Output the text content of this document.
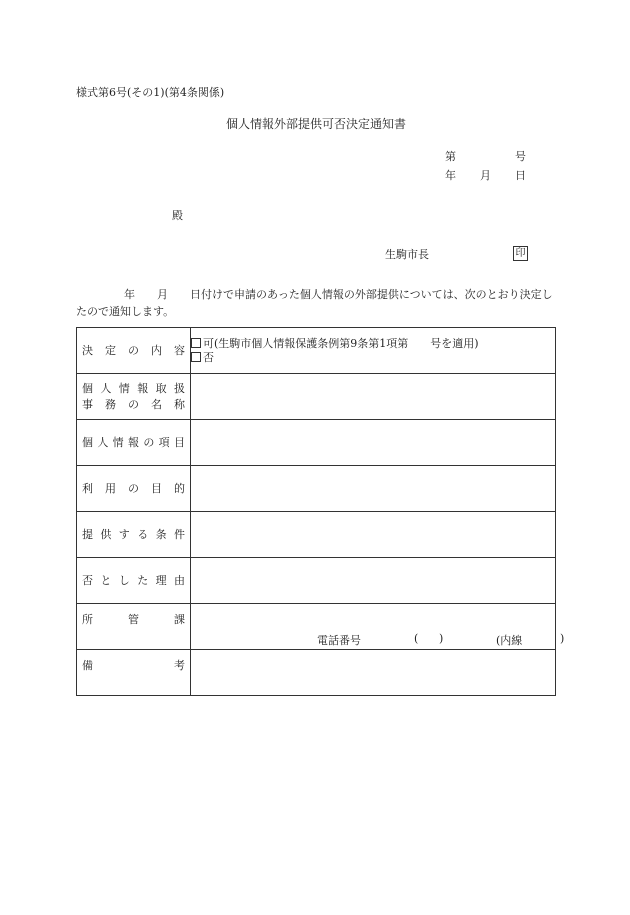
様式第6号(その1)(第4条関係)
個人情報外部提供可否決定通知書
第	号
年 月 日
殿
生駒市長	印
年　　月　　日付けで申請のあった個人情報の外部提供については、次のとおり決定したので通知します。
決定の内容	可(生駒市個人情報保護条例第9条第1項第　　号を適用)
否

個人情報取扱
事務の名称	

個人情報の項目	

利用の目的	

提供する条件	

否とした理由	

所管課	電話番号 ( ) (内線 )

備考	
